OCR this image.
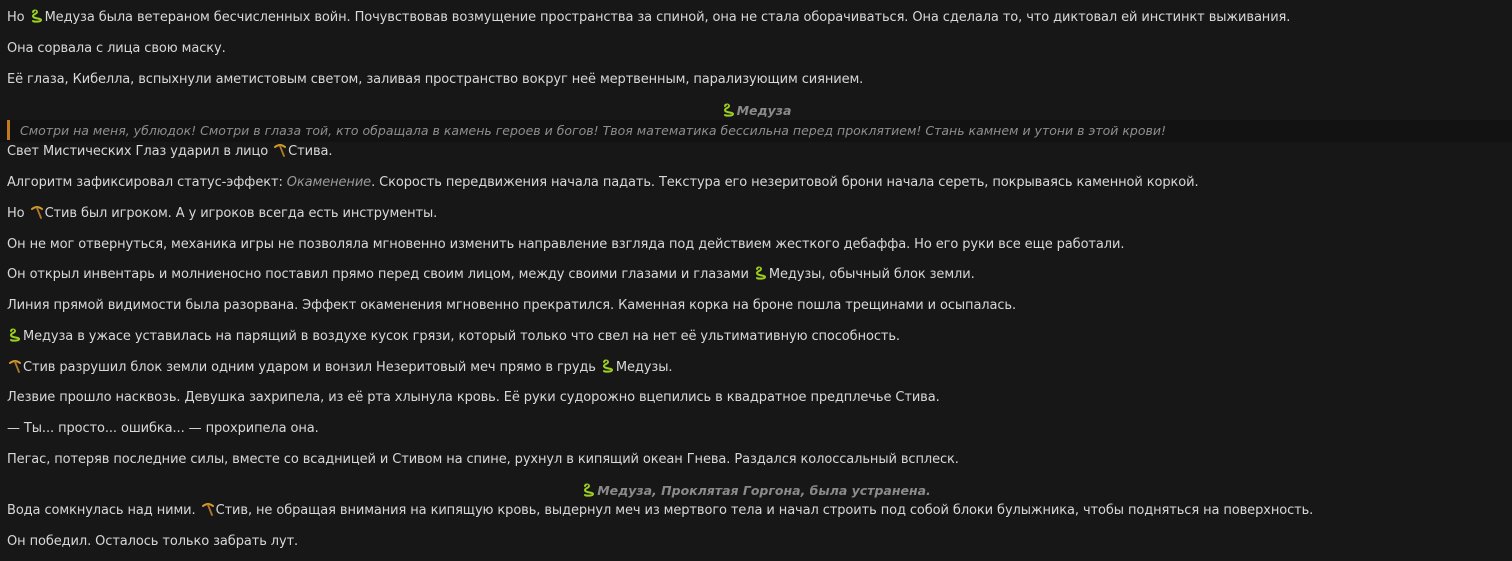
Но
Медуза была ветераном бесчисленных войн. Почувствовав возмущение пространства за спиной, она не стала оборачиваться. Она сделала то, что диктовал ей инстинкт выживания.
Она сорвала с лица свою маску.
Её глаза, Кибелла, вспыхнули аметистовым светом, заливая пространство вокруг неё мертвенным, парализующим сиянием.
Медуза
Смотри на меня, ублюдок! Смотри в глаза той, кто обращала в камень героев и богов! Твоя математика бессильна перед проклятием! Стань камнем и утони в этой крови!
Свет Мистических Глаз ударил в лицо
Стива.
Алгоритм зафиксировал статус-эффект: Окаменение. Скорость передвижения начала падать. Текстура его незеритовой брони начала сереть, покрываясь каменной коркой.
Но
Стив был игроком. А у игроков всегда есть инструменты.
Он не мог отвернуться, механика игры не позволяла мгновенно изменить направление взгляда под действием жесткого дебаффа. Но его руки все еще работали.
Он открыл инвентарь и молниеносно поставил прямо перед своим лицом, между своими глазами и глазами
Медузы, обычный блок земли.
Линия прямой видимости была разорвана. Эффект окаменения мгновенно прекратился. Каменная корка на броне пошла трещинами и осыпалась.
Медуза в ужасе уставилась на парящий в воздухе кусок грязи, который только что свел на нет её ультимативную способность.
Стив разрушил блок земли одним ударом и вонзил Незеритовый меч прямо в грудь
Медузы.
Лезвие прошло насквозь. Девушка захрипела, из её рта хлынула кровь. Её руки судорожно вцепились в квадратное предплечье Стива.
— Ты... просто... ошибка... — прохрипела она.
Пегас, потеряв последние силы, вместе со всадницей и Стивом на спине, рухнул в кипящий океан Гнева. Раздался колоссальный всплеск.
Медуза, Проклятая Горгона, была устранена.
Вода сомкнулась над ними.
Стив, не обращая внимания на кипящую кровь, выдернул меч из мертвого тела и начал строить под собой блоки булыжника, чтобы подняться на поверхность.
Он победил. Осталось только забрать лут.
